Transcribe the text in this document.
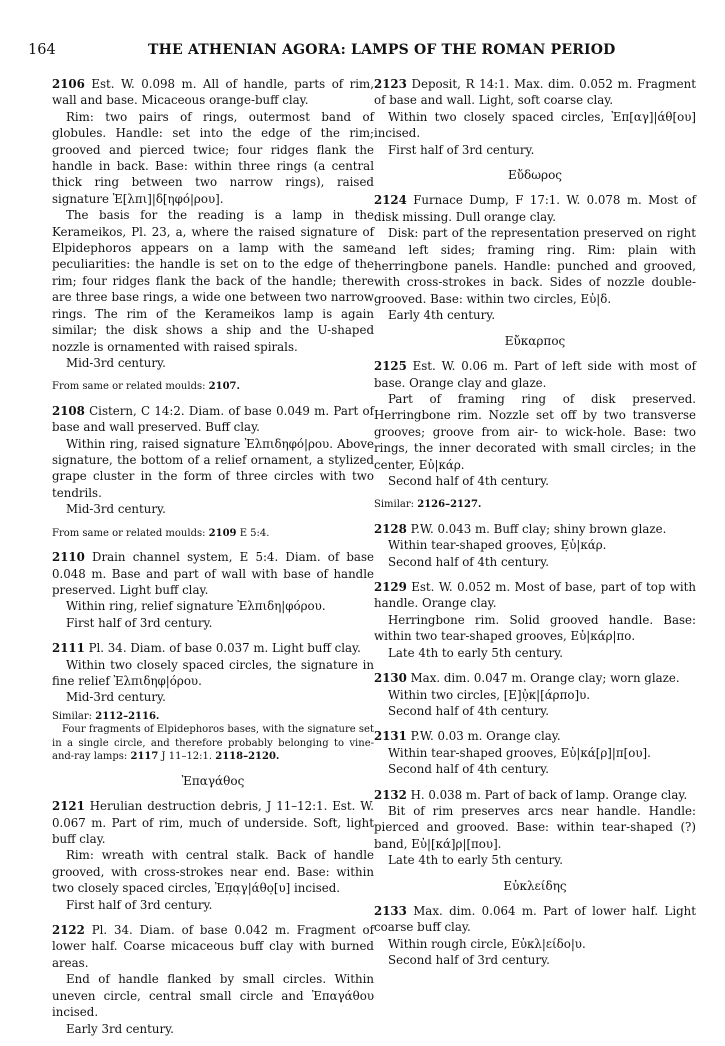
164	THE ATHENIAN AGORA: LAMPS OF THE ROMAN PERIOD

2106 Est. W. 0.098 m. All of handle, parts of rim, wall and base. Micaceous orange-buff clay.

Rim: two pairs of rings, outermost band of globules. Handle: set into the edge of the rim; grooved and pierced twice; four ridges flank the handle in back. Base: within three rings (a central thick ring between two narrow rings), raised signature Ἐ[λπι]|δ[ηφό|ρου].

The basis for the reading is a lamp in the Kerameikos, Pl. 23, a, where the raised signature of Elpidephoros appears on a lamp with the same peculiarities: the handle is set on to the edge of the rim; four ridges flank the back of the handle; there are three base rings, a wide one between two narrow rings. The rim of the Kerameikos lamp is again similar; the disk shows a ship and the U-shaped nozzle is ornamented with raised spirals.

Mid-3rd century.

From same or related moulds: 2107.

2108 Cistern, C 14:2. Diam. of base 0.049 m. Part of base and wall preserved. Buff clay.

Within ring, raised signature Ἐλπιδηφό|ρου. Above signature, the bottom of a relief ornament, a stylized grape cluster in the form of three circles with two tendrils.

Mid-3rd century.

From same or related moulds: 2109 E 5:4.

2110 Drain channel system, E 5:4. Diam. of base 0.048 m. Base and part of wall with base of handle preserved. Light buff clay.

Within ring, relief signature Ἐλπιδη|φόρου.

First half of 3rd century.

2111 Pl. 34. Diam. of base 0.037 m. Light buff clay.

Within two closely spaced circles, the signature in fine relief Ἐλπιδηφ|όρου.

Mid-3rd century.

Similar: 2112–2116.

Four fragments of Elpidephoros bases, with the signature set in a single circle, and therefore probably belonging to vine-and-ray lamps: 2117 J 11–12:1. 2118–2120.

Ἐπαγάθος

2121 Herulian destruction debris, J 11–12:1. Est. W. 0.067 m. Part of rim, much of underside. Soft, light buff clay.

Rim: wreath with central stalk. Back of handle grooved, with cross-strokes near end. Base: within two closely spaced circles, Ἐπ̣α̣γ|άθο̣[υ] incised.

First half of 3rd century.

2122 Pl. 34. Diam. of base 0.042 m. Fragment of lower half. Coarse micaceous buff clay with burned areas.

End of handle flanked by small circles. Within uneven circle, central small circle and Ἐπαγάθου incised.

Early 3rd century.

2123 Deposit, R 14:1. Max. dim. 0.052 m. Fragment of base and wall. Light, soft coarse clay.

Within two closely spaced circles, Ἐπ[αγ]|άθ[ου] incised.

First half of 3rd century.

Εὔδωρος

2124 Furnace Dump, F 17:1. W. 0.078 m. Most of disk missing. Dull orange clay.

Disk: part of the representation preserved on right and left sides; framing ring. Rim: plain with herringbone panels. Handle: punched and grooved, with cross-strokes in back. Sides of nozzle double-grooved. Base: within two circles, Εὐ|δ.

Early 4th century.

Εὔκαρπος

2125 Est. W. 0.06 m. Part of left side with most of base. Orange clay and glaze.

Part of framing ring of disk preserved. Herringbone rim. Nozzle set off by two transverse grooves; groove from air- to wick-hole. Base: two rings, the inner decorated with small circles; in the center, Εὐ|κάρ.

Second half of 4th century.

Similar: 2126–2127.

2128 P.W. 0.043 m. Buff clay; shiny brown glaze.

Within tear-shaped grooves, Ε̣ὐ|κάρ.

Second half of 4th century.

2129 Est. W. 0.052 m. Most of base, part of top with handle. Orange clay.

Herringbone rim. Solid grooved handle. Base: within two tear-shaped grooves, Εὐ|κάρ|πο.

Late 4th to early 5th century.

2130 Max. dim. 0.047 m. Orange clay; worn glaze.

Within two circles, [Ε]ὐ̣κ|[άρπο]υ.

Second half of 4th century.

2131 P.W. 0.03 m. Orange clay.

Within tear-shaped grooves, Εὐ|κά[ρ]|π[ου].

Second half of 4th century.

2132 H. 0.038 m. Part of back of lamp. Orange clay.

Bit of rim preserves arcs near handle. Handle: pierced and grooved. Base: within tear-shaped (?) band, Εὐ|[κά]ρ|[που].

Late 4th to early 5th century.

Εὐκλείδης

2133 Max. dim. 0.064 m. Part of lower half. Light coarse buff clay.

Within rough circle, Εὐκλ|είδο|υ.

Second half of 3rd century.
